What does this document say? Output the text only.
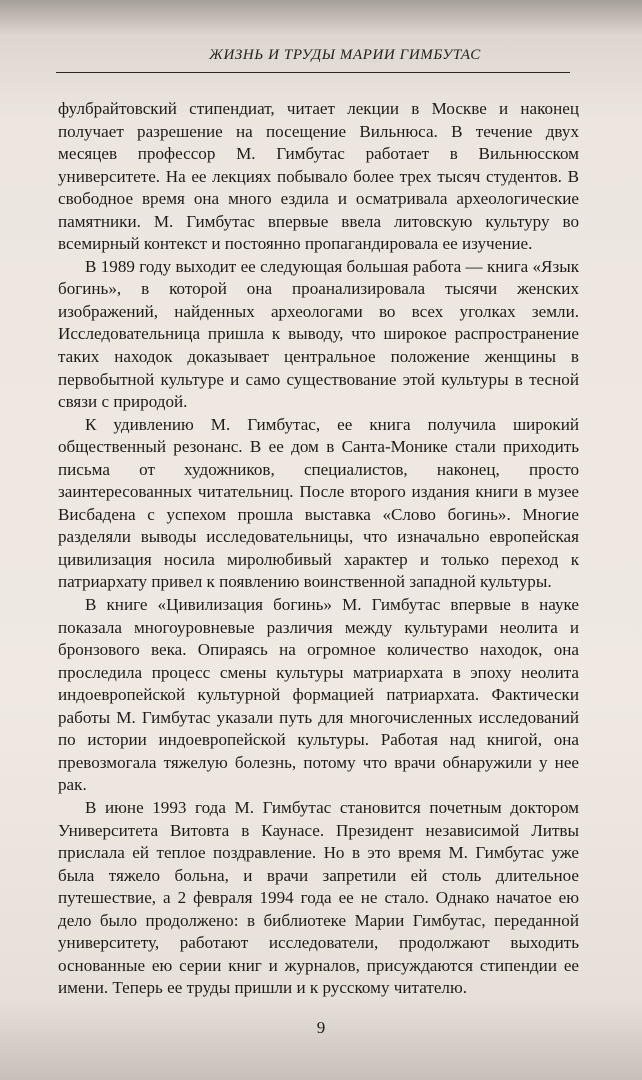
ЖИЗНЬ И ТРУДЫ МАРИИ ГИМБУТАС

фулбрайтовский стипендиат, читает лекции в Москве и наконец получает разрешение на посещение Вильнюса. В течение двух месяцев профессор М. Гимбутас работает в Вильнюсском университете. На ее лекциях побывало более трех тысяч студентов. В свободное время она много ездила и осматривала археологические памятники. М. Гимбутас впервые ввела литовскую культуру во всемирный контекст и постоянно пропагандировала ее изучение.

В 1989 году выходит ее следующая большая работа — книга «Язык богинь», в которой она проанализировала тысячи женских изображений, найденных археологами во всех уголках земли. Исследовательница пришла к выводу, что широкое распространение таких находок доказывает центральное положение женщины в первобытной культуре и само существование этой культуры в тесной связи с природой.

К удивлению М. Гимбутас, ее книга получила широкий общественный резонанс. В ее дом в Санта-Монике стали приходить письма от художников, специалистов, наконец, просто заинтересованных читательниц. После второго издания книги в музее Висбадена с успехом прошла выставка «Слово богинь». Многие разделяли выводы исследовательницы, что изначально европейская цивилизация носила миролюбивый характер и только переход к патриархату привел к появлению воинственной западной культуры.

В книге «Цивилизация богинь» М. Гимбутас впервые в науке показала многоуровневые различия между культурами неолита и бронзового века. Опираясь на огромное количество находок, она проследила процесс смены культуры матриархата в эпоху неолита индоевропейской культурной формацией патриархата. Фактически работы М. Гимбутас указали путь для многочисленных исследований по истории индоевропейской культуры. Работая над книгой, она превозмогала тяжелую болезнь, потому что врачи обнаружили у нее рак.

В июне 1993 года М. Гимбутас становится почетным доктором Университета Витовта в Каунасе. Президент независимой Литвы прислала ей теплое поздравление. Но в это время М. Гимбутас уже была тяжело больна, и врачи запретили ей столь длительное путешествие, а 2 февраля 1994 года ее не стало. Однако начатое ею дело было продолжено: в библиотеке Марии Гимбутас, переданной университету, работают исследователи, продолжают выходить основанные ею серии книг и журналов, присуждаются стипендии ее имени. Теперь ее труды пришли и к русскому читателю.

9
